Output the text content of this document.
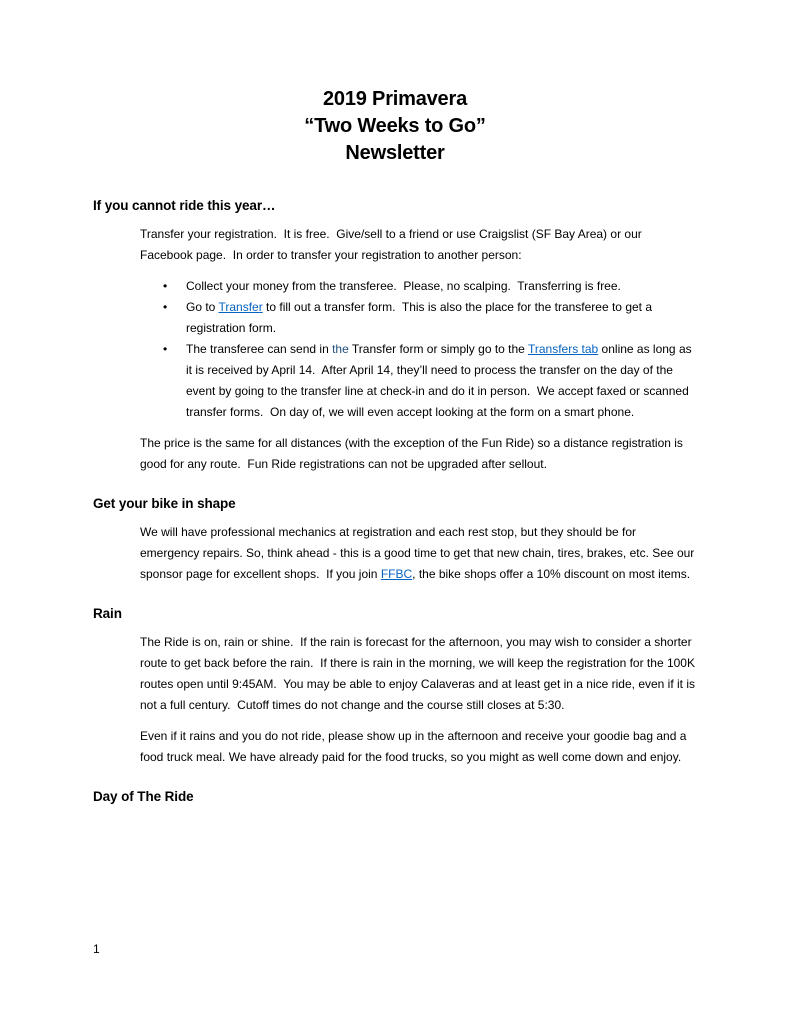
2019 Primavera
“Two Weeks to Go”
Newsletter
If you cannot ride this year…

Transfer your registration.  It is free.  Give/sell to a friend or use Craigslist (SF Bay Area) or our Facebook page.  In order to transfer your registration to another person:

• Collect your money from the transferee.  Please, no scalping.  Transferring is free.
• Go to Transfer to fill out a transfer form.  This is also the place for the transferee to get a registration form.
• The transferee can send in the Transfer form or simply go to the Transfers tab online as long as it is received by April 14.  After April 14, they’ll need to process the transfer on the day of the event by going to the transfer line at check-in and do it in person.  We accept faxed or scanned transfer forms.  On day of, we will even accept looking at the form on a smart phone.

The price is the same for all distances (with the exception of the Fun Ride) so a distance registration is good for any route.  Fun Ride registrations can not be upgraded after sellout.

Get your bike in shape

We will have professional mechanics at registration and each rest stop, but they should be for emergency repairs. So, think ahead - this is a good time to get that new chain, tires, brakes, etc. See our sponsor page for excellent shops.  If you join FFBC, the bike shops offer a 10% discount on most items.

Rain

The Ride is on, rain or shine.  If the rain is forecast for the afternoon, you may wish to consider a shorter route to get back before the rain.  If there is rain in the morning, we will keep the registration for the 100K routes open until 9:45AM.  You may be able to enjoy Calaveras and at least get in a nice ride, even if it is not a full century.  Cutoff times do not change and the course still closes at 5:30.

Even if it rains and you do not ride, please show up in the afternoon and receive your goodie bag and a food truck meal. We have already paid for the food trucks, so you might as well come down and enjoy.

Day of The Ride
1
